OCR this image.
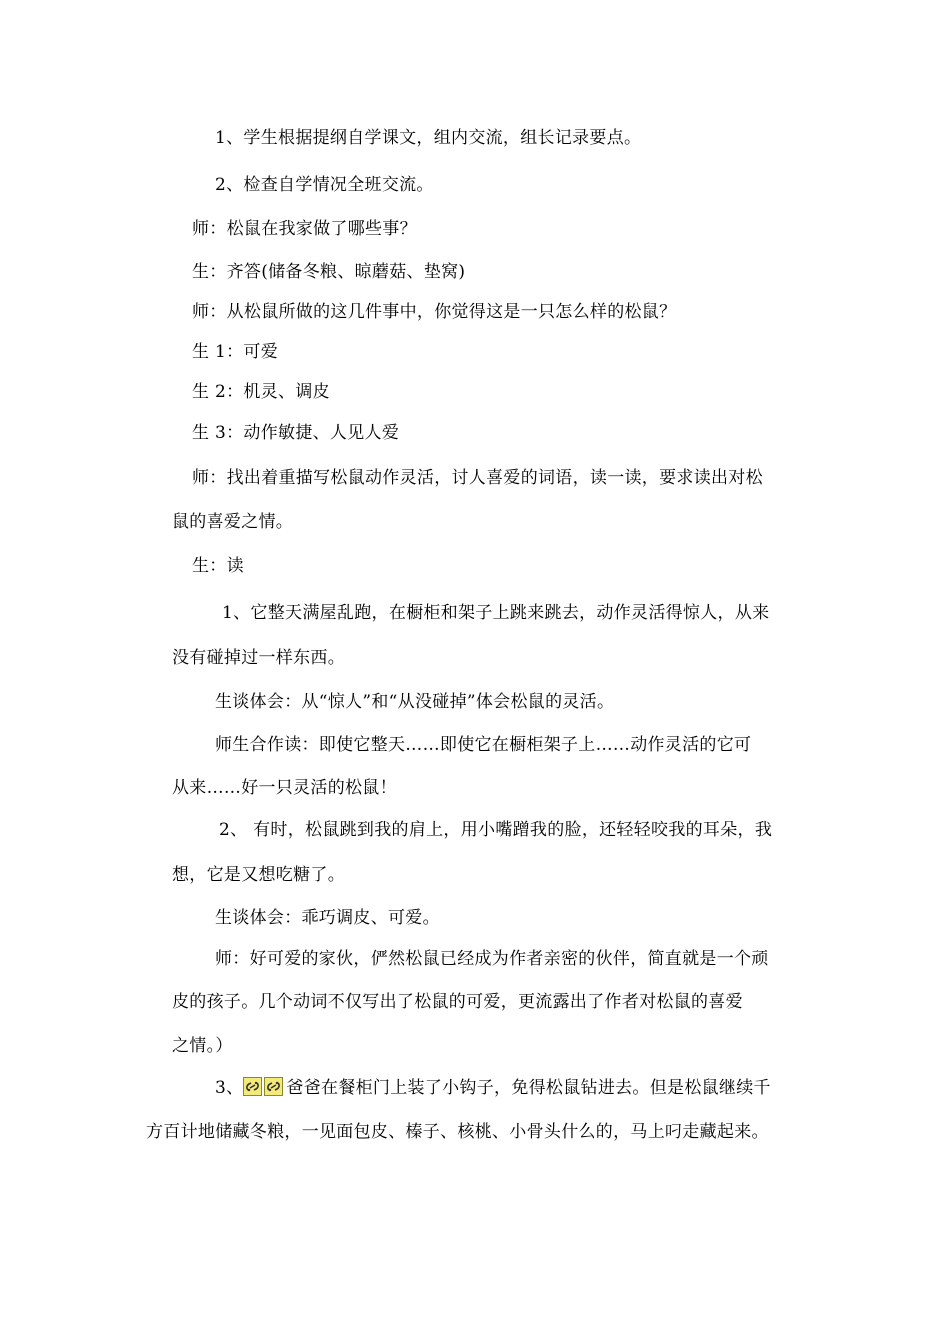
1、学生根据提纲自学课文，组内交流，组长记录要点。
2、检查自学情况全班交流。
师：松鼠在我家做了哪些事？
生：齐答(储备冬粮、晾蘑菇、垫窝)
师：从松鼠所做的这几件事中，你觉得这是一只怎么样的松鼠？
生 1：可爱
生 2：机灵、调皮
生 3：动作敏捷、人见人爱
师：找出着重描写松鼠动作灵活，讨人喜爱的词语，读一读，要求读出对松
鼠的喜爱之情。
生：读
1、它整天满屋乱跑，在橱柜和架子上跳来跳去，动作灵活得惊人，从来
没有碰掉过一样东西。
生谈体会：从“惊人”和“从没碰掉”体会松鼠的灵活。
师生合作读：即使它整天……即使它在橱柜架子上……动作灵活的它可
从来……好一只灵活的松鼠！
2、 有时，松鼠跳到我的肩上，用小嘴蹭我的脸，还轻轻咬我的耳朵，我
想，它是又想吃糖了。
生谈体会：乖巧调皮、可爱。
师：好可爱的家伙，俨然松鼠已经成为作者亲密的伙伴，简直就是一个顽
皮的孩子。几个动词不仅写出了松鼠的可爱，更流露出了作者对松鼠的喜爱
之情。）
3、	爸爸在餐柜门上装了小钩子，免得松鼠钻进去。但是松鼠继续千
方百计地储藏冬粮，一见面包皮、榛子、核桃、小骨头什么的，马上叼走藏起来。
